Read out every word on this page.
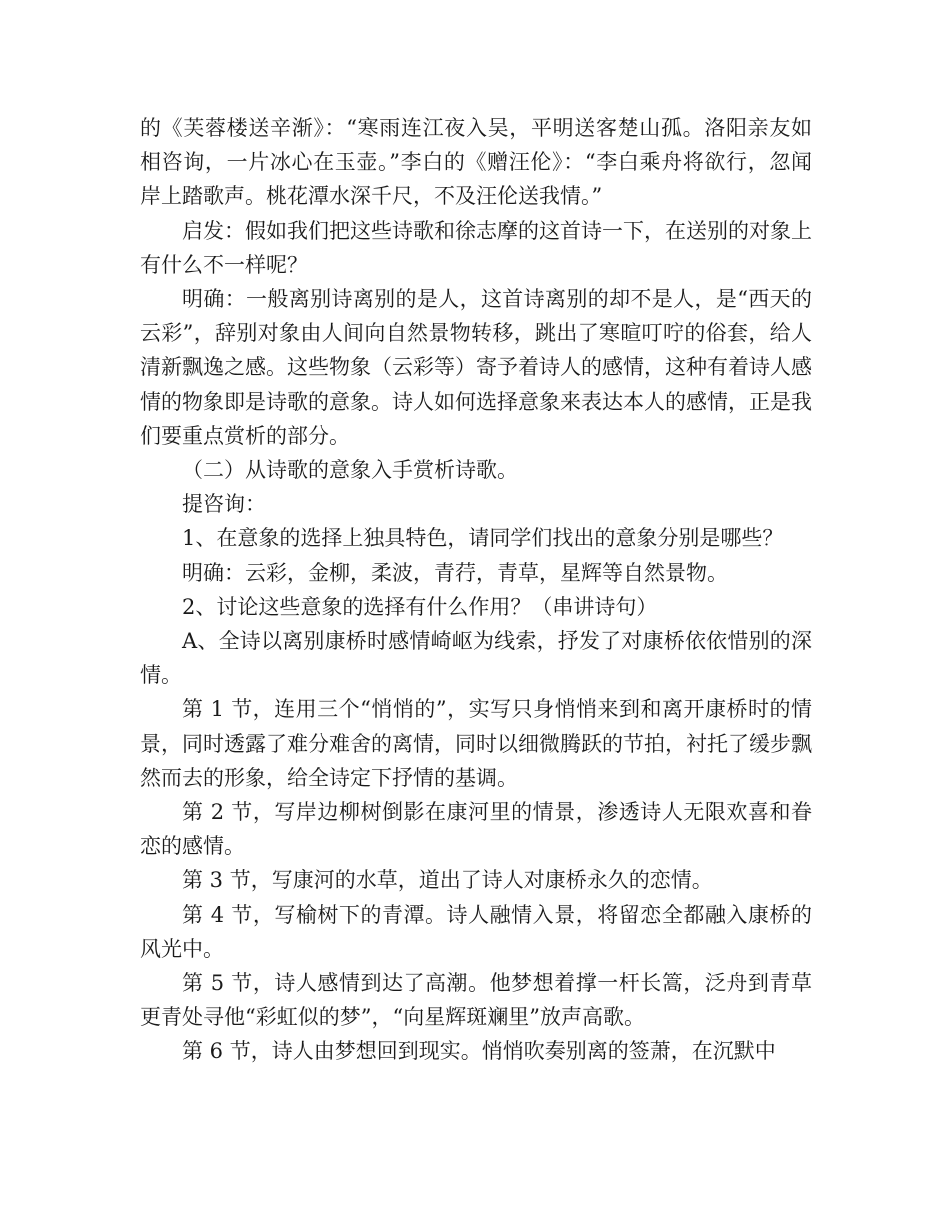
的《芙蓉楼送辛渐》：“寒雨连江夜入吴，平明送客楚山孤。洛阳亲友如相咨询，一片冰心在玉壶。”李白的《赠汪伦》：“李白乘舟将欲行，忽闻岸上踏歌声。桃花潭水深千尺，不及汪伦送我情。”

启发：假如我们把这些诗歌和徐志摩的这首诗一下，在送别的对象上有什么不一样呢？

明确：一般离别诗离别的是人，这首诗离别的却不是人，是“西天的云彩”，辞别对象由人间向自然景物转移，跳出了寒暄叮咛的俗套，给人清新飘逸之感。这些物象（云彩等）寄予着诗人的感情，这种有着诗人感情的物象即是诗歌的意象。诗人如何选择意象来表达本人的感情，正是我们要重点赏析的部分。

（二）从诗歌的意象入手赏析诗歌。

提咨询：

1、在意象的选择上独具特色，请同学们找出的意象分别是哪些？

明确：云彩，金柳，柔波，青荇，青草，星辉等自然景物。

2、讨论这些意象的选择有什么作用？（串讲诗句）

A、全诗以离别康桥时感情崎岖为线索，抒发了对康桥依依惜别的深情。

第 1 节，连用三个“悄悄的”，实写只身悄悄来到和离开康桥时的情景，同时透露了难分难舍的离情，同时以细微腾跃的节拍，衬托了缓步飘然而去的形象，给全诗定下抒情的基调。

第 2 节，写岸边柳树倒影在康河里的情景，渗透诗人无限欢喜和眷恋的感情。

第 3 节，写康河的水草，道出了诗人对康桥永久的恋情。

第 4 节，写榆树下的青潭。诗人融情入景，将留恋全都融入康桥的风光中。

第 5 节，诗人感情到达了高潮。他梦想着撑一杆长篙，泛舟到青草更青处寻他“彩虹似的梦”，“向星辉斑斓里”放声高歌。

第 6 节，诗人由梦想回到现实。悄悄吹奏别离的签萧，在沉默中
